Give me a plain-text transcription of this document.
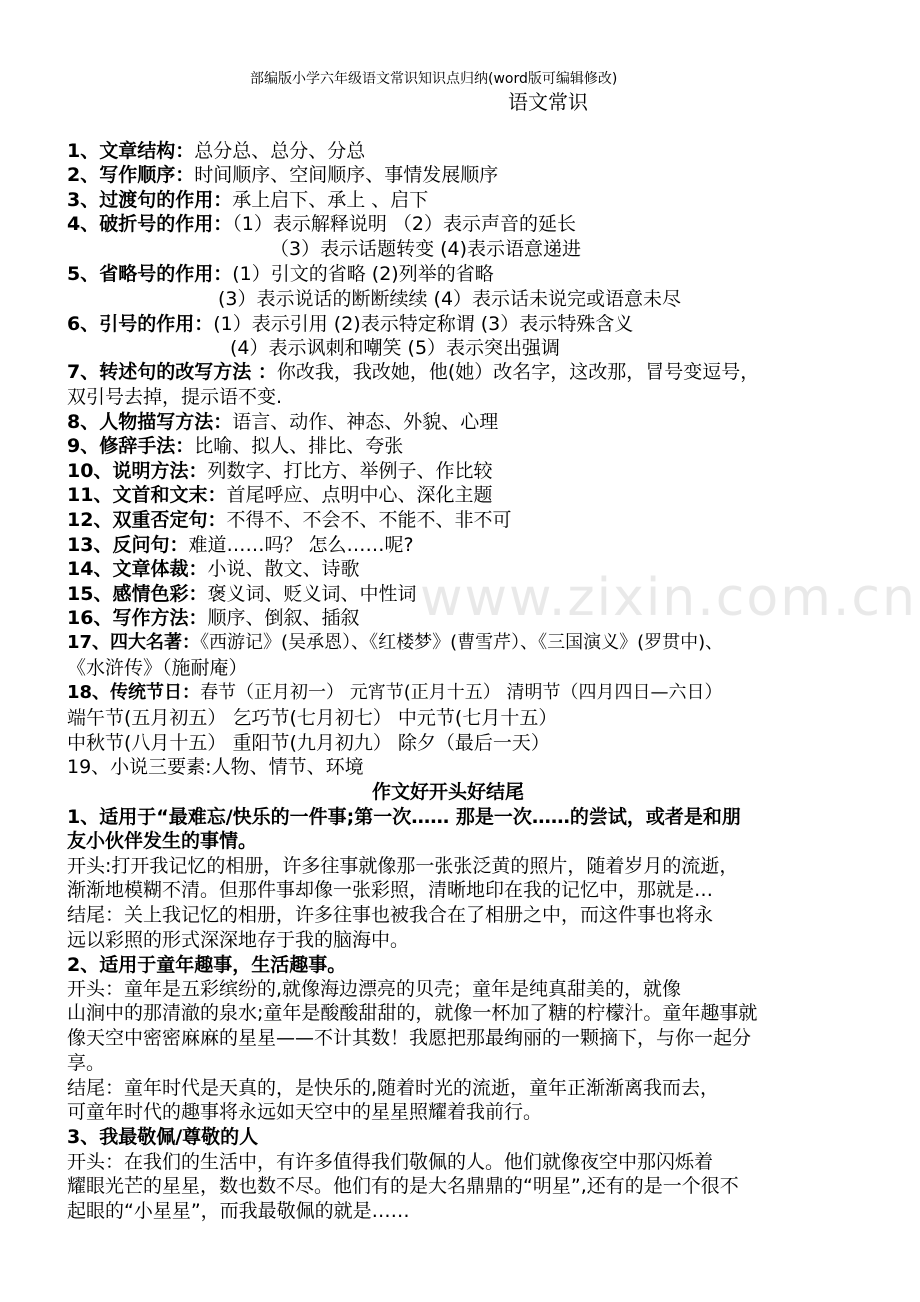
www.zixin.com.cn
部编版小学六年级语文常识知识点归纳(word版可编辑修改)
语文常识
1、文章结构：总分总、总分、分总
2、写作顺序：时间顺序、空间顺序、事情发展顺序
3、过渡句的作用：承上启下、承上 、启下
4、破折号的作用：（1）表示解释说明 （2）表示声音的延长
（3）表示话题转变 (4)表示语意递进
5、省略号的作用：(1）引文的省略 (2)列举的省略
(3）表示说话的断断续续 (4）表示话未说完或语意未尽
6、引号的作用：(1）表示引用 (2)表示特定称谓 (3）表示特殊含义
(4）表示讽刺和嘲笑 (5）表示突出强调
7、转述句的改写方法 ：你改我，我改她，他(她）改名字，这改那，冒号变逗号，
双引号去掉，提示语不变.
8、人物描写方法：语言、动作、神态、外貌、心理
9、修辞手法：比喻、拟人、排比、夸张
10、说明方法：列数字、打比方、举例子、作比较
11、文首和文末：首尾呼应、点明中心、深化主题
12、双重否定句：不得不、不会不、不能不、非不可
13、反问句：难道……吗？ 怎么……呢?
14、文章体裁：小说、散文、诗歌
15、感情色彩：褒义词、贬义词、中性词
16、写作方法：顺序、倒叙、插叙
17、四大名著：《西游记》(吴承恩）、《红楼梦》(曹雪芹）、《三国演义》(罗贯中)、
《水浒传》（施耐庵）
18、传统节日：春节（正月初一） 元宵节(正月十五） 清明节（四月四日—六日）
端午节(五月初五） 乞巧节(七月初七） 中元节(七月十五）
中秋节(八月十五） 重阳节(九月初九） 除夕（最后一天）
19、小说三要素:人物、情节、环境
作文好开头好结尾
1、适用于“最难忘/快乐的一件事;第一次…… 那是一次……的尝试，或者是和朋
友小伙伴发生的事情。
开头:打开我记忆的相册，许多往事就像那一张张泛黄的照片，随着岁月的流逝，
渐渐地模糊不清。但那件事却像一张彩照，清晰地印在我的记忆中，那就是…
结尾：关上我记忆的相册，许多往事也被我合在了相册之中，而这件事也将永
远以彩照的形式深深地存于我的脑海中。
2、适用于童年趣事，生活趣事。
开头：童年是五彩缤纷的,就像海边漂亮的贝壳；童年是纯真甜美的，就像
山涧中的那清澈的泉水;童年是酸酸甜甜的，就像一杯加了糖的柠檬汁。童年趣事就
像天空中密密麻麻的星星——不计其数！我愿把那最绚丽的一颗摘下，与你一起分
享。
结尾：童年时代是天真的，是快乐的,随着时光的流逝，童年正渐渐离我而去，
可童年时代的趣事将永远如天空中的星星照耀着我前行。
3、我最敬佩/尊敬的人
开头：在我们的生活中，有许多值得我们敬佩的人。他们就像夜空中那闪烁着
耀眼光芒的星星，数也数不尽。他们有的是大名鼎鼎的“明星”,还有的是一个很不
起眼的“小星星”，而我最敬佩的就是……
